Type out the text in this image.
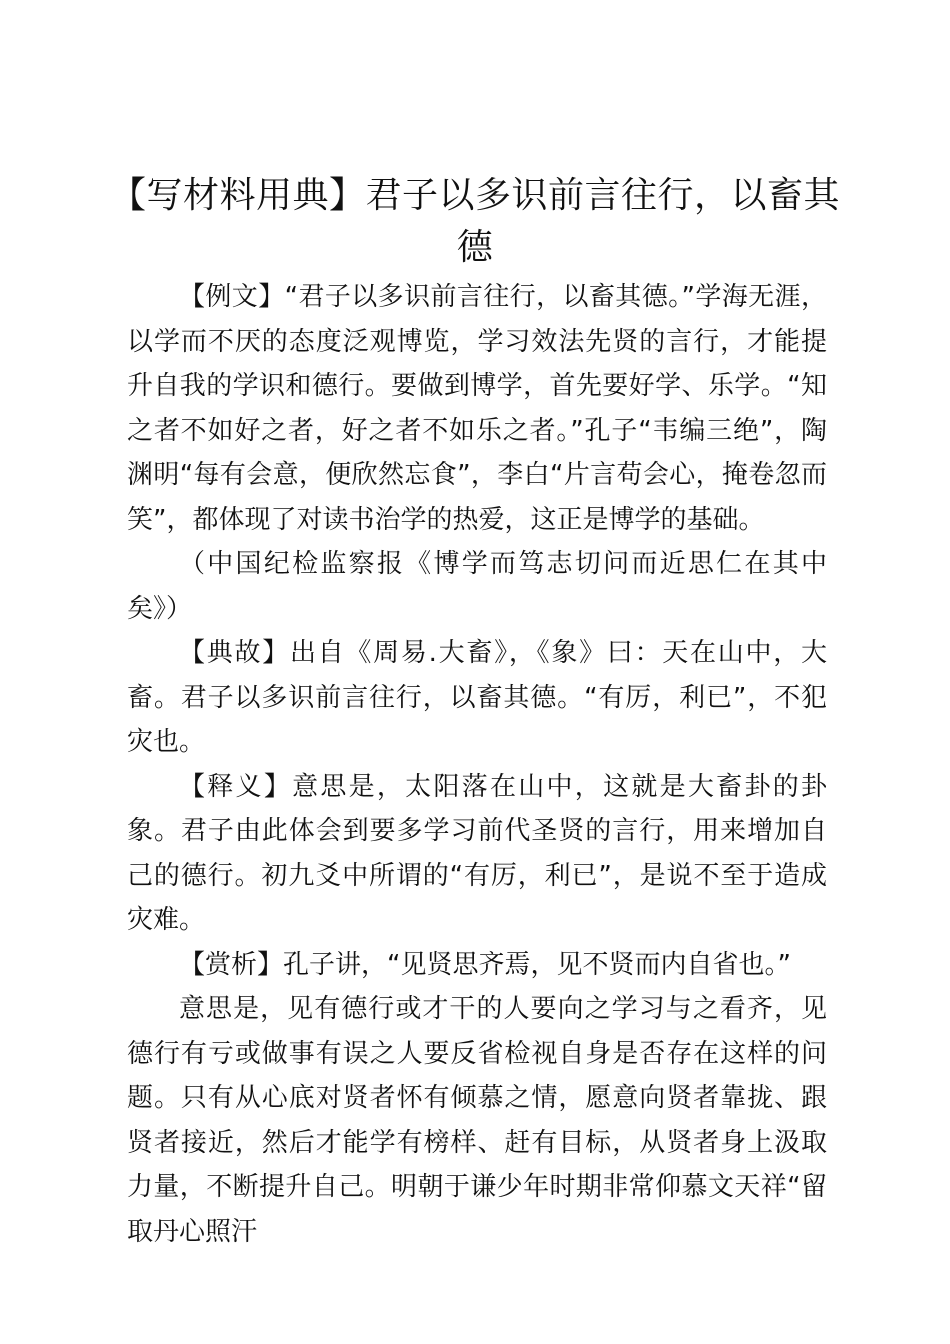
【写材料用典】君子以多识前言往行，以畜其德

【例文】“君子以多识前言往行，以畜其德。”学海无涯，以学而不厌的态度泛观博览，学习效法先贤的言行，才能提升自我的学识和德行。要做到博学，首先要好学、乐学。“知之者不如好之者，好之者不如乐之者。”孔子“韦编三绝”，陶渊明“每有会意，便欣然忘食”，李白“片言苟会心，掩卷忽而笑”，都体现了对读书治学的热爱，这正是博学的基础。

（中国纪检监察报《博学而笃志切问而近思仁在其中矣》）

【典故】出自《周易.大畜》，《象》曰：天在山中，大畜。君子以多识前言往行，以畜其德。“有厉，利已”，不犯灾也。

【释义】意思是，太阳落在山中，这就是大畜卦的卦象。君子由此体会到要多学习前代圣贤的言行，用来增加自己的德行。初九爻中所谓的“有厉，利已”，是说不至于造成灾难。

【赏析】孔子讲，“见贤思齐焉，见不贤而内自省也。”

意思是，见有德行或才干的人要向之学习与之看齐，见德行有亏或做事有误之人要反省检视自身是否存在这样的问题。只有从心底对贤者怀有倾慕之情，愿意向贤者靠拢、跟贤者接近，然后才能学有榜样、赶有目标，从贤者身上汲取力量，不断提升自己。明朝于谦少年时期非常仰慕文天祥“留取丹心照汗
